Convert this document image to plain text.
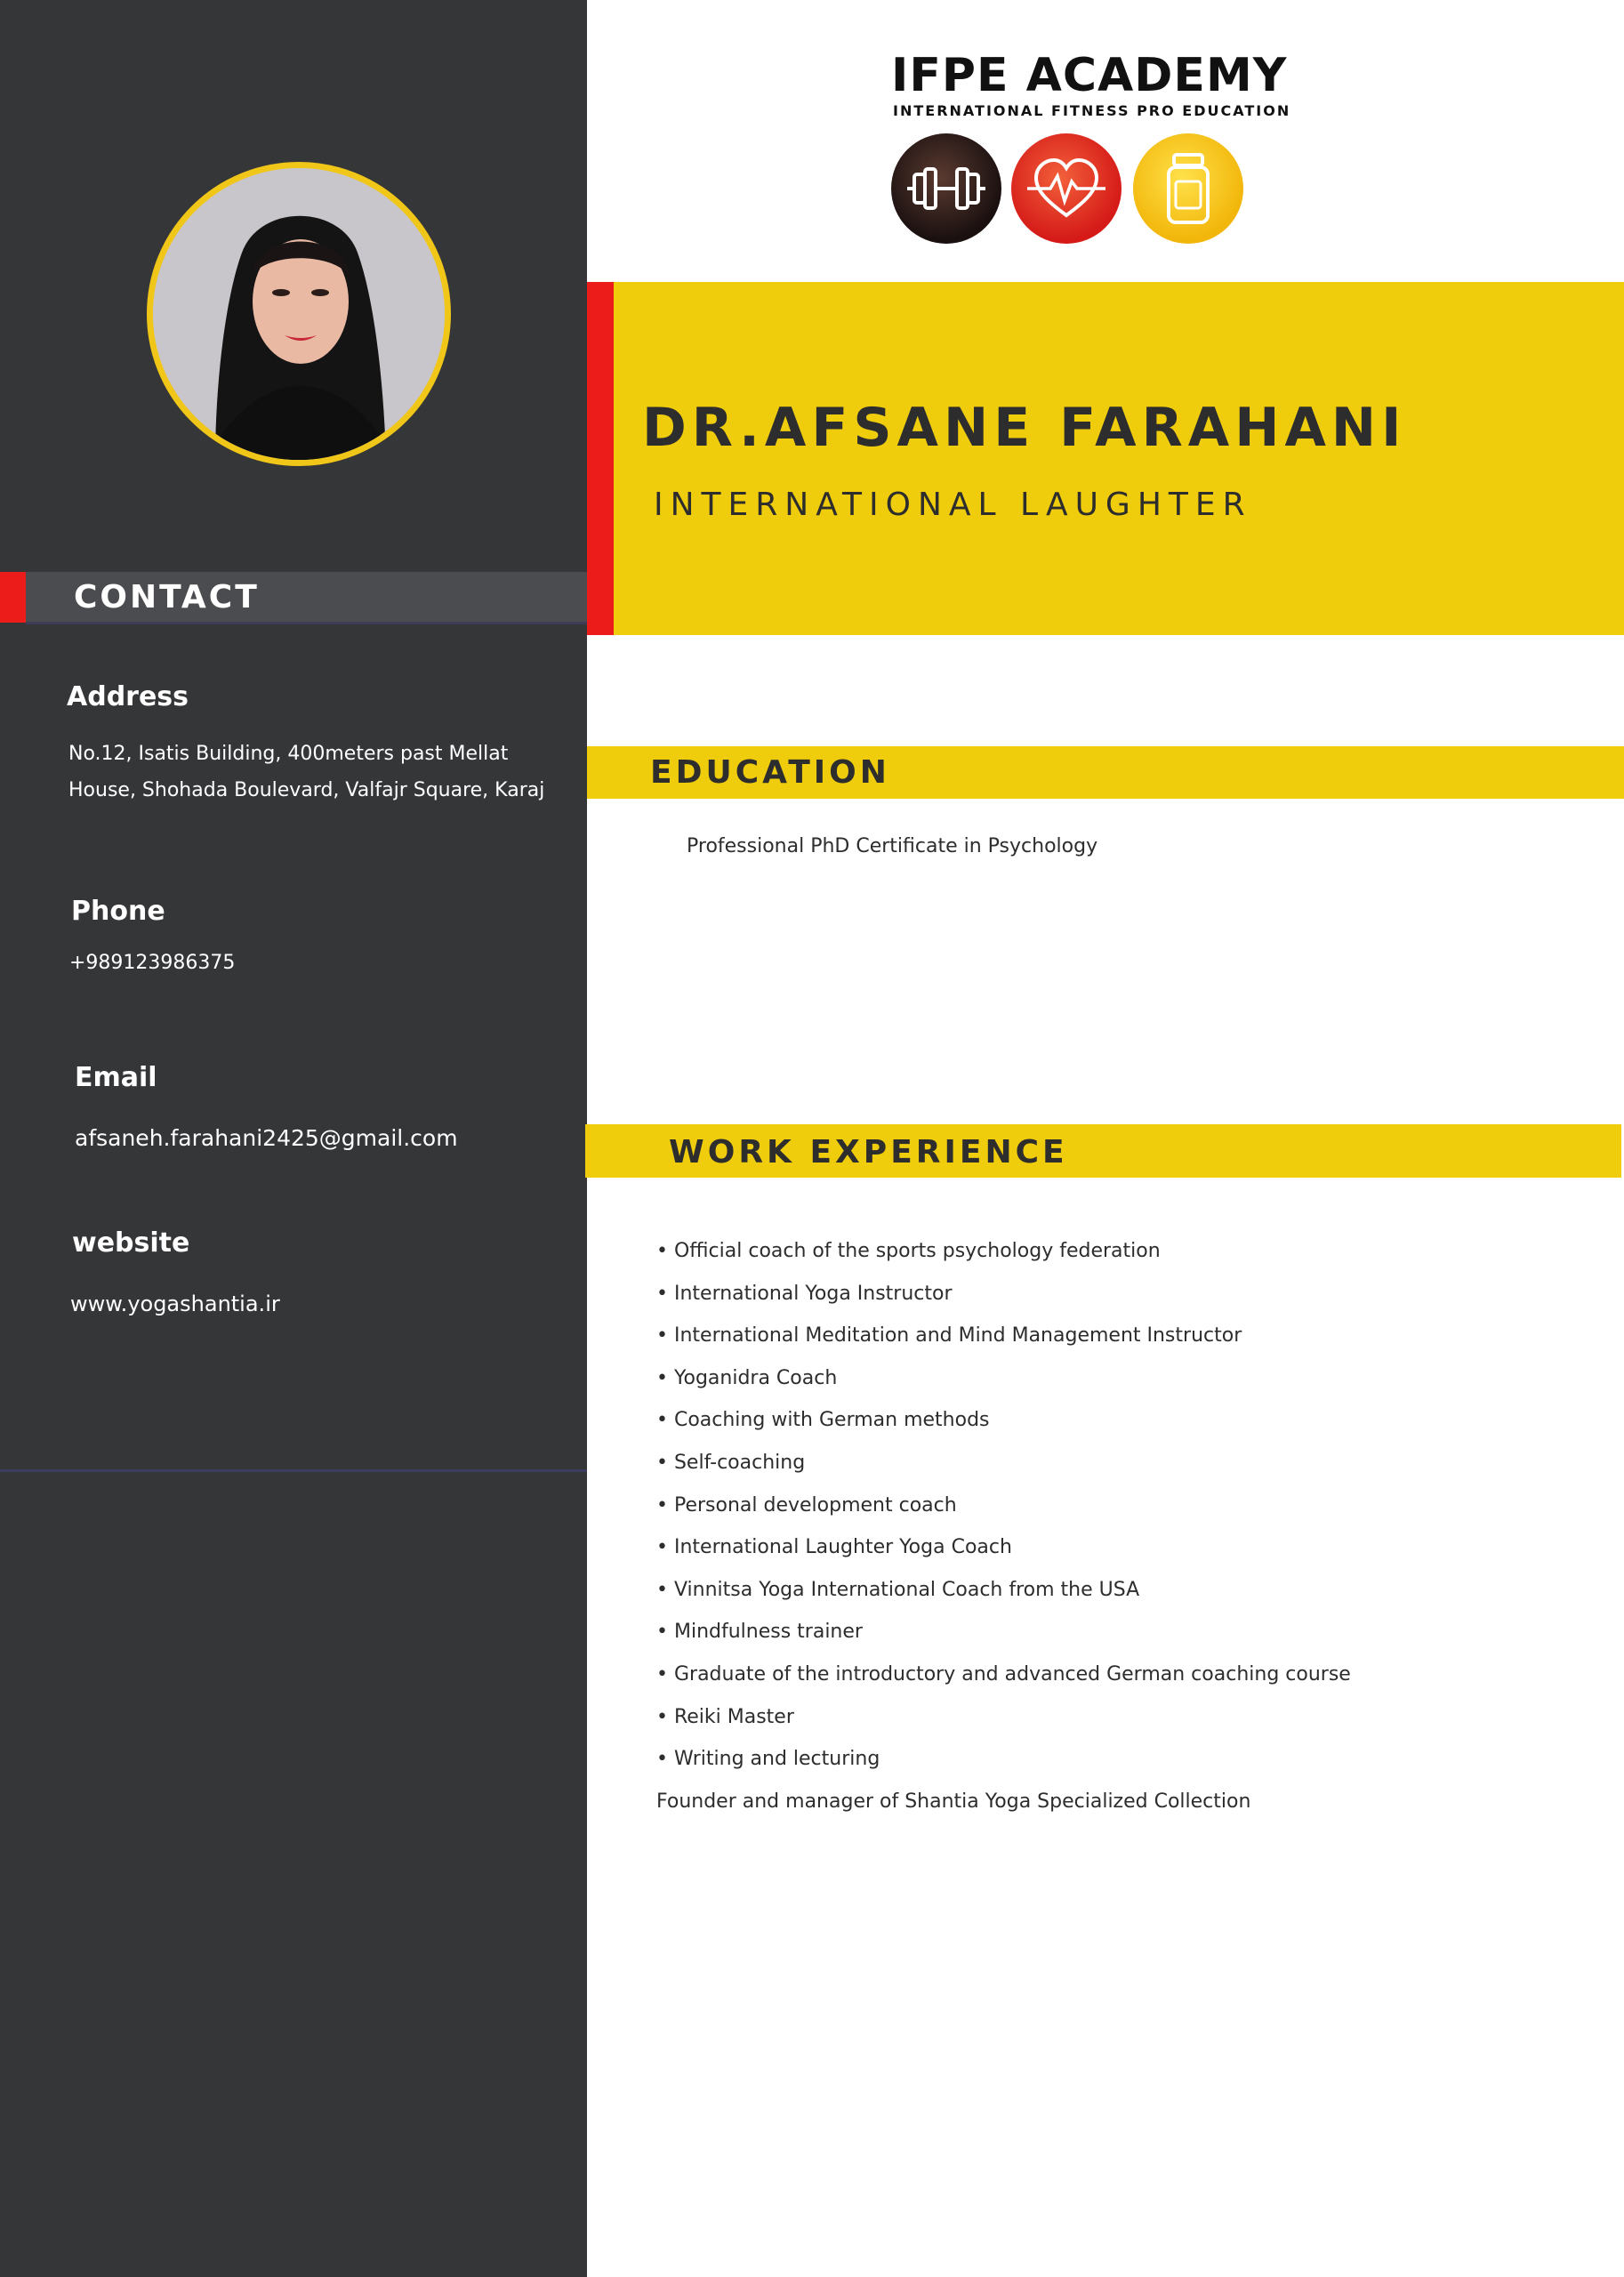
CONTACT
Address
No.12, Isatis Building, 400meters past Mellat
House, Shohada Boulevard, Valfajr Square, Karaj
Phone
+989123986375
Email
afsaneh.farahani2425@gmail.com
website
www.yogashantia.ir
IFPE ACADEMY
INTERNATIONAL FITNESS PRO EDUCATION
DR.AFSANE FARAHANI
INTERNATIONAL LAUGHTER
EDUCATION
Professional PhD Certificate in Psychology
WORK EXPERIENCE
• Official coach of the sports psychology federation
• International Yoga Instructor
• International Meditation and Mind Management Instructor
• Yoganidra Coach
• Coaching with German methods
• Self-coaching
• Personal development coach
• International Laughter Yoga Coach
• Vinnitsa Yoga International Coach from the USA
• Mindfulness trainer
• Graduate of the introductory and advanced German coaching course
• Reiki Master
• Writing and lecturing
Founder and manager of Shantia Yoga Specialized Collection
